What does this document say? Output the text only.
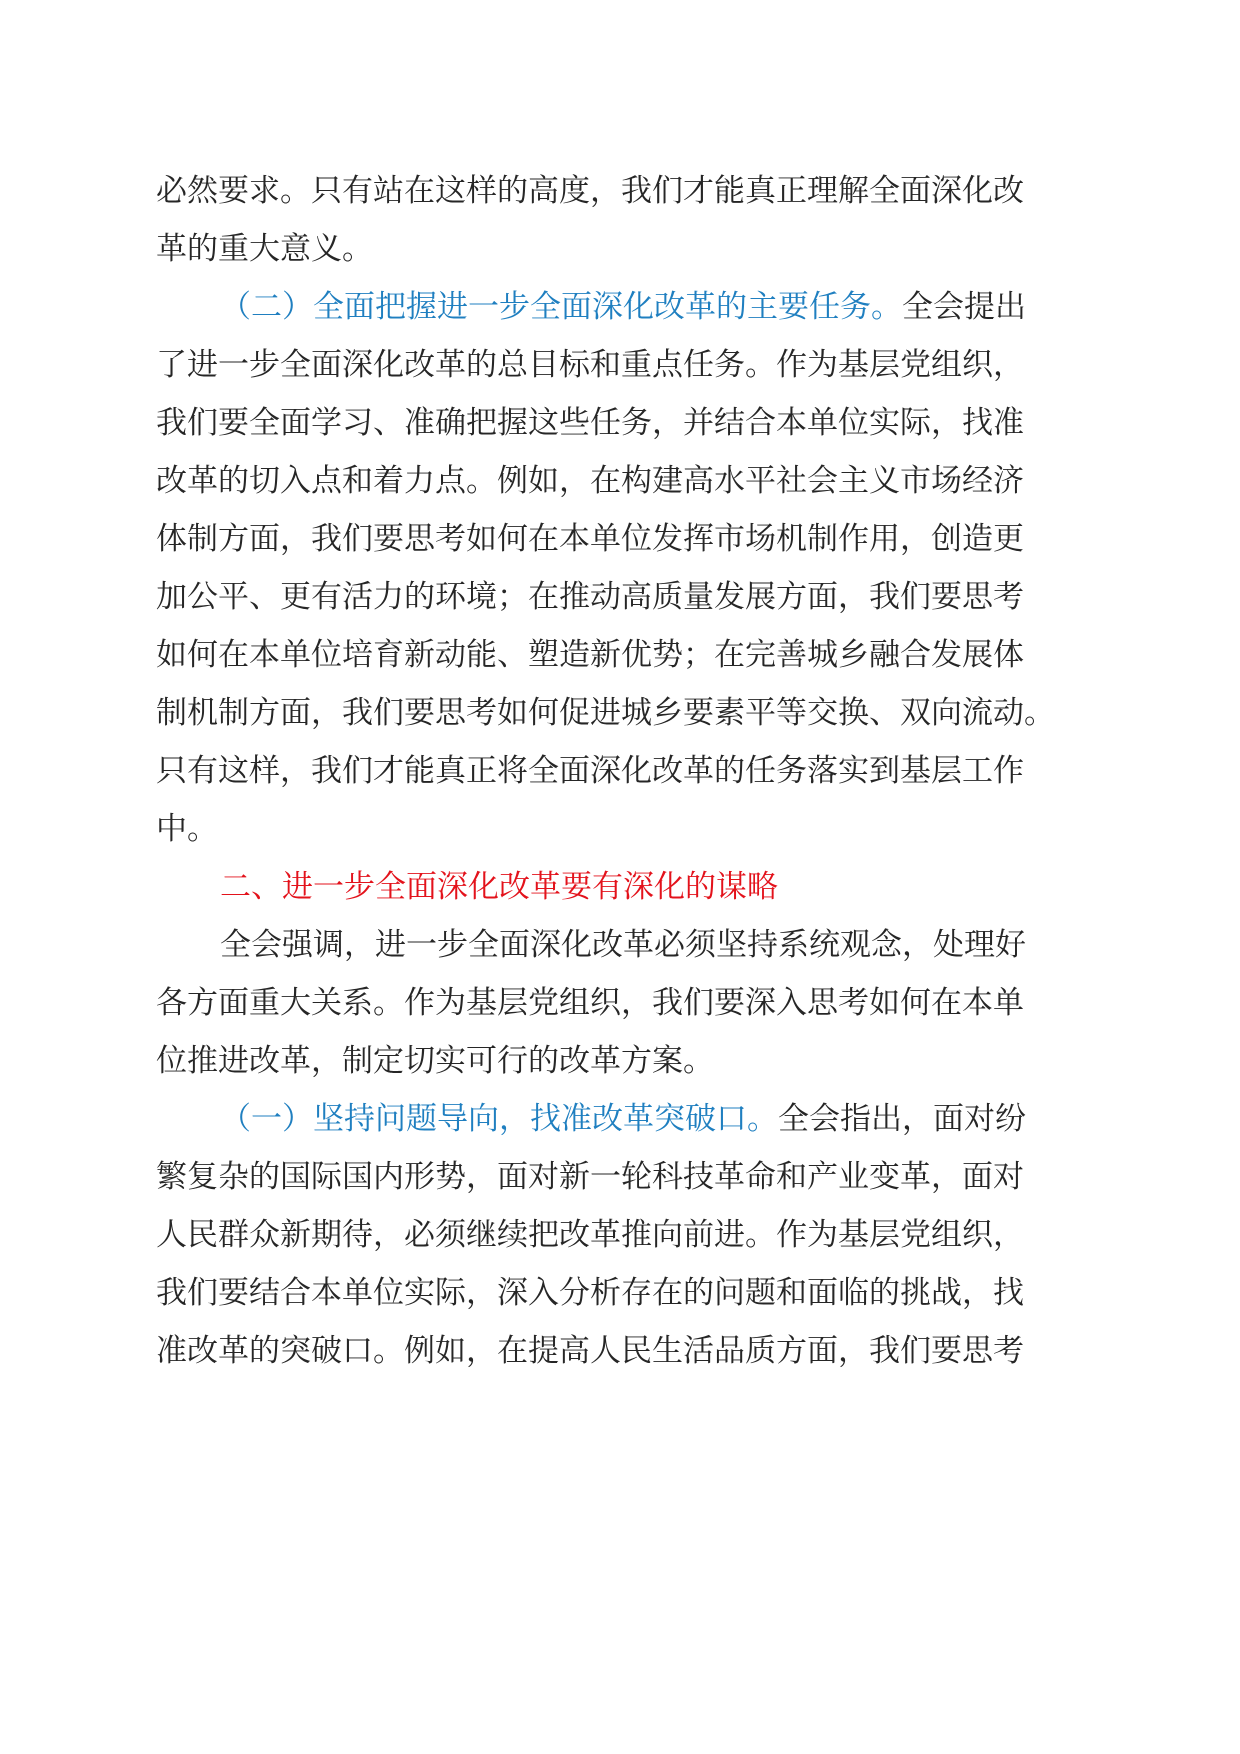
必然要求。只有站在这样的高度，我们才能真正理解全面深化改
革的重大意义。
（二）全面把握进一步全面深化改革的主要任务。全会提出
了进一步全面深化改革的总目标和重点任务。作为基层党组织，
我们要全面学习、准确把握这些任务，并结合本单位实际，找准
改革的切入点和着力点。例如，在构建高水平社会主义市场经济
体制方面，我们要思考如何在本单位发挥市场机制作用，创造更
加公平、更有活力的环境；在推动高质量发展方面，我们要思考
如何在本单位培育新动能、塑造新优势；在完善城乡融合发展体
制机制方面，我们要思考如何促进城乡要素平等交换、双向流动。
只有这样，我们才能真正将全面深化改革的任务落实到基层工作
中。
二、进一步全面深化改革要有深化的谋略
全会强调，进一步全面深化改革必须坚持系统观念，处理好
各方面重大关系。作为基层党组织，我们要深入思考如何在本单
位推进改革，制定切实可行的改革方案。
（一）坚持问题导向，找准改革突破口。全会指出，面对纷
繁复杂的国际国内形势，面对新一轮科技革命和产业变革，面对
人民群众新期待，必须继续把改革推向前进。作为基层党组织，
我们要结合本单位实际，深入分析存在的问题和面临的挑战，找
准改革的突破口。例如，在提高人民生活品质方面，我们要思考
